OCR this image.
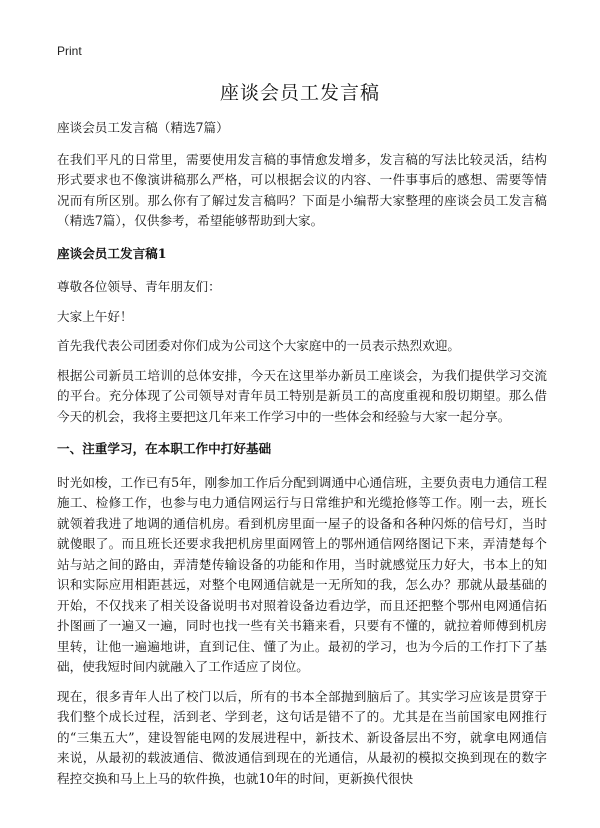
Print
座谈会员工发言稿

座谈会员工发言稿（精选7篇）

在我们平凡的日常里，需要使用发言稿的事情愈发增多，发言稿的写法比较灵活，结构形式要求也不像演讲稿那么严格，可以根据会议的内容、一件事事后的感想、需要等情况而有所区别。那么你有了解过发言稿吗？下面是小编帮大家整理的座谈会员工发言稿（精选7篇），仅供参考，希望能够帮助到大家。

座谈会员工发言稿1

尊敬各位领导、青年朋友们：

大家上午好！

首先我代表公司团委对你们成为公司这个大家庭中的一员表示热烈欢迎。

根据公司新员工培训的总体安排，今天在这里举办新员工座谈会，为我们提供学习交流的平台。充分体现了公司领导对青年员工特别是新员工的高度重视和殷切期望。那么借今天的机会，我将主要把这几年来工作学习中的一些体会和经验与大家一起分享。

一、注重学习，在本职工作中打好基础

时光如梭，工作已有5年，刚参加工作后分配到调通中心通信班，主要负责电力通信工程施工、检修工作，也参与电力通信网运行与日常维护和光缆抢修等工作。刚一去，班长就领着我进了地调的通信机房。看到机房里面一屋子的设备和各种闪烁的信号灯，当时就傻眼了。而且班长还要求我把机房里面网管上的鄂州通信网络图记下来，弄清楚每个站与站之间的路由，弄清楚传输设备的功能和作用，当时就感觉压力好大，书本上的知识和实际应用相距甚远，对整个电网通信就是一无所知的我，怎么办？那就从最基础的开始，不仅找来了相关设备说明书对照着设备边看边学，而且还把整个鄂州电网通信拓扑图画了一遍又一遍，同时也找一些有关书籍来看，只要有不懂的，就拉着师傅到机房里转，让他一遍遍地讲，直到记住、懂了为止。最初的学习，也为今后的工作打下了基础，使我短时间内就融入了工作适应了岗位。

现在，很多青年人出了校门以后，所有的书本全部抛到脑后了。其实学习应该是贯穿于我们整个成长过程，活到老、学到老，这句话是错不了的。尤其是在当前国家电网推行的“三集五大”，建设智能电网的发展进程中，新技术、新设备层出不穷，就拿电网通信来说，从最初的载波通信、微波通信到现在的光通信，从最初的模拟交换到现在的数字程控交换和马上上马的软件换，也就10年的时间，更新换代很快
